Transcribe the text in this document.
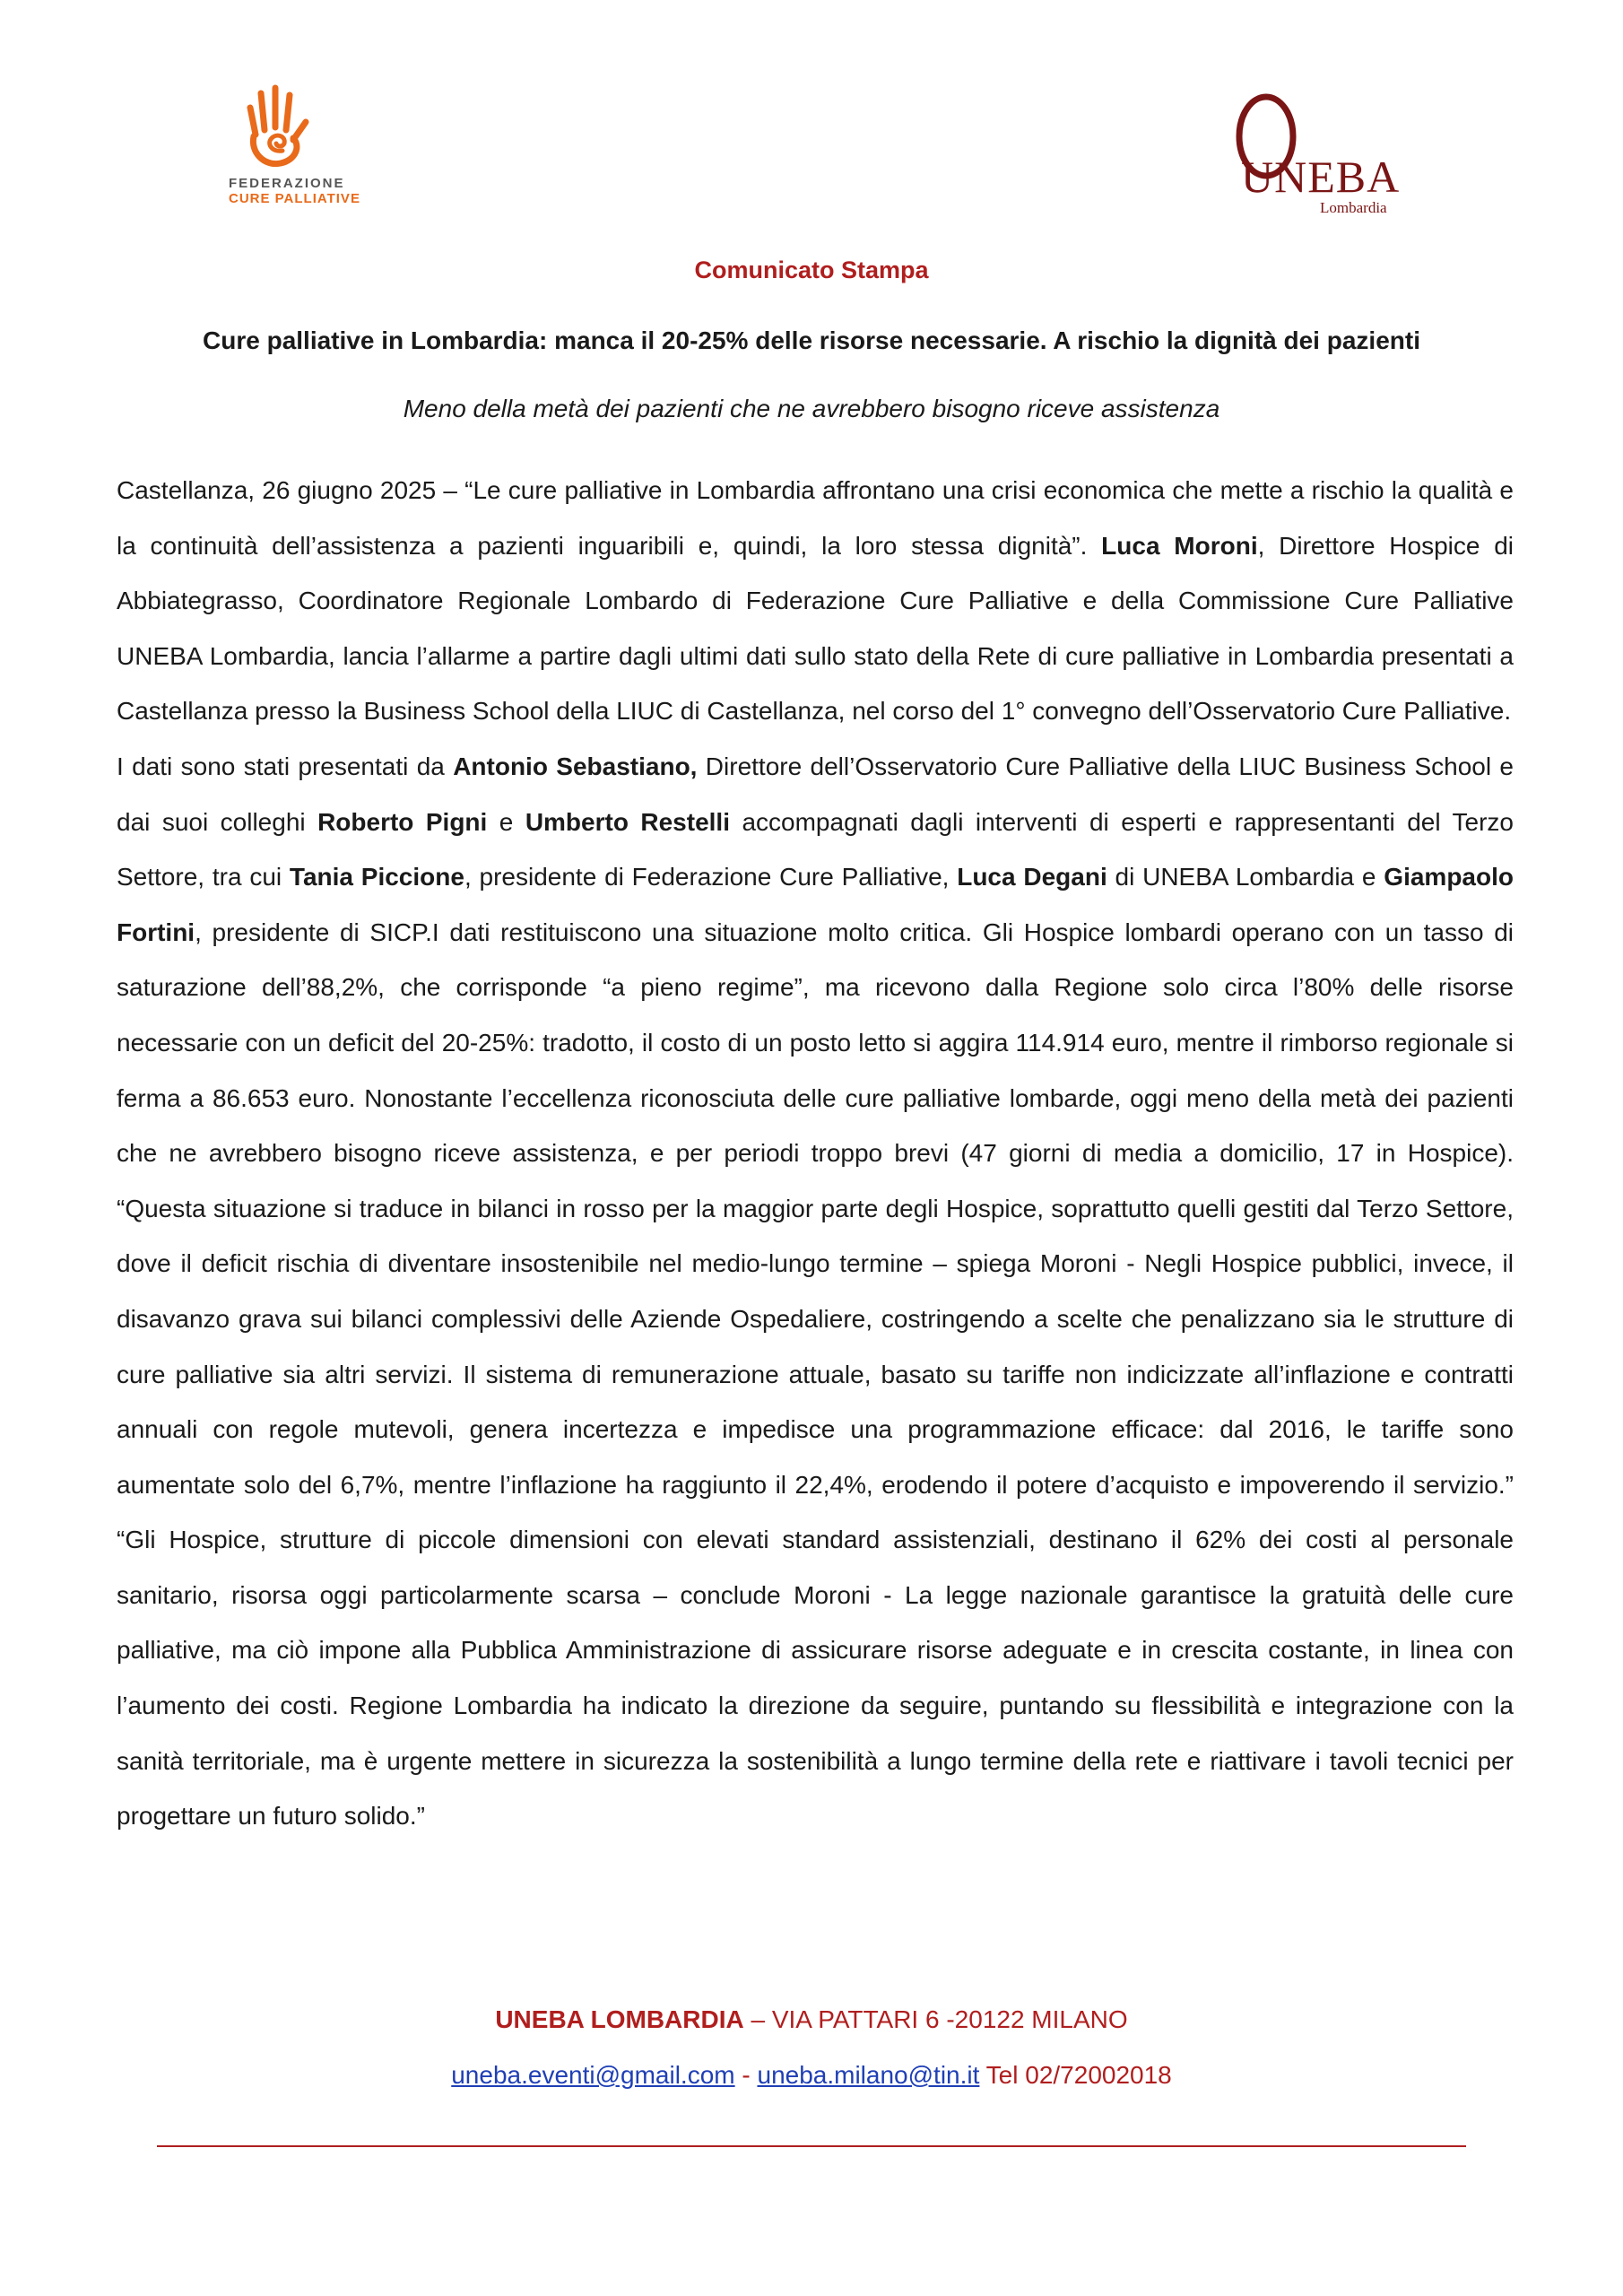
FEDERAZIONE
CURE PALLIATIVE	UNEBA
Lombardia
Comunicato Stampa
Cure palliative in Lombardia: manca il 20-25% delle risorse necessarie. A rischio la dignità dei pazienti
Meno della metà dei pazienti che ne avrebbero bisogno riceve assistenza

Castellanza, 26 giugno 2025 – “Le cure palliative in Lombardia affrontano una crisi economica che mette a rischio la qualità e la continuità dell’assistenza a pazienti inguaribili e, quindi, la loro stessa dignità”. Luca Moroni, Direttore Hospice di Abbiategrasso, Coordinatore Regionale Lombardo di Federazione Cure Palliative e della Commissione Cure Palliative UNEBA Lombardia, lancia l’allarme a partire dagli ultimi dati sullo stato della Rete di cure palliative in Lombardia presentati a Castellanza presso la Business School della LIUC di Castellanza, nel corso del 1° convegno dell’Osservatorio Cure Palliative.

I dati sono stati presentati da Antonio Sebastiano, Direttore dell’Osservatorio Cure Palliative della LIUC Business School e dai suoi colleghi Roberto Pigni e Umberto Restelli accompagnati dagli interventi di esperti e rappresentanti del Terzo Settore, tra cui Tania Piccione, presidente di Federazione Cure Palliative, Luca Degani di UNEBA Lombardia e Giampaolo Fortini, presidente di SICP.I dati restituiscono una situazione molto critica. Gli Hospice lombardi operano con un tasso di saturazione dell’88,2%, che corrisponde “a pieno regime”, ma ricevono dalla Regione solo circa l’80% delle risorse necessarie con un deficit del 20-25%: tradotto, il costo di un posto letto si aggira 114.914 euro, mentre il rimborso regionale si ferma a 86.653 euro. Nonostante l’eccellenza riconosciuta delle cure palliative lombarde, oggi meno della metà dei pazienti che ne avrebbero bisogno riceve assistenza, e per periodi troppo brevi (47 giorni di media a domicilio, 17 in Hospice). “Questa situazione si traduce in bilanci in rosso per la maggior parte degli Hospice, soprattutto quelli gestiti dal Terzo Settore, dove il deficit rischia di diventare insostenibile nel medio-lungo termine – spiega Moroni - Negli Hospice pubblici, invece, il disavanzo grava sui bilanci complessivi delle Aziende Ospedaliere, costringendo a scelte che penalizzano sia le strutture di cure palliative sia altri servizi. Il sistema di remunerazione attuale, basato su tariffe non indicizzate all’inflazione e contratti annuali con regole mutevoli, genera incertezza e impedisce una programmazione efficace: dal 2016, le tariffe sono aumentate solo del 6,7%, mentre l’inflazione ha raggiunto il 22,4%, erodendo il potere d’acquisto e impoverendo il servizio.” “Gli Hospice, strutture di piccole dimensioni con elevati standard assistenziali, destinano il 62% dei costi al personale sanitario, risorsa oggi particolarmente scarsa – conclude Moroni - La legge nazionale garantisce la gratuità delle cure palliative, ma ciò impone alla Pubblica Amministrazione di assicurare risorse adeguate e in crescita costante, in linea con l’aumento dei costi. Regione Lombardia ha indicato la direzione da seguire, puntando su flessibilità e integrazione con la sanità territoriale, ma è urgente mettere in sicurezza la sostenibilità a lungo termine della rete e riattivare i tavoli tecnici per progettare un futuro solido.”

UNEBA LOMBARDIA – VIA PATTARI 6 -20122 MILANO
uneba.eventi@gmail.com - uneba.milano@tin.it Tel 02/72002018
